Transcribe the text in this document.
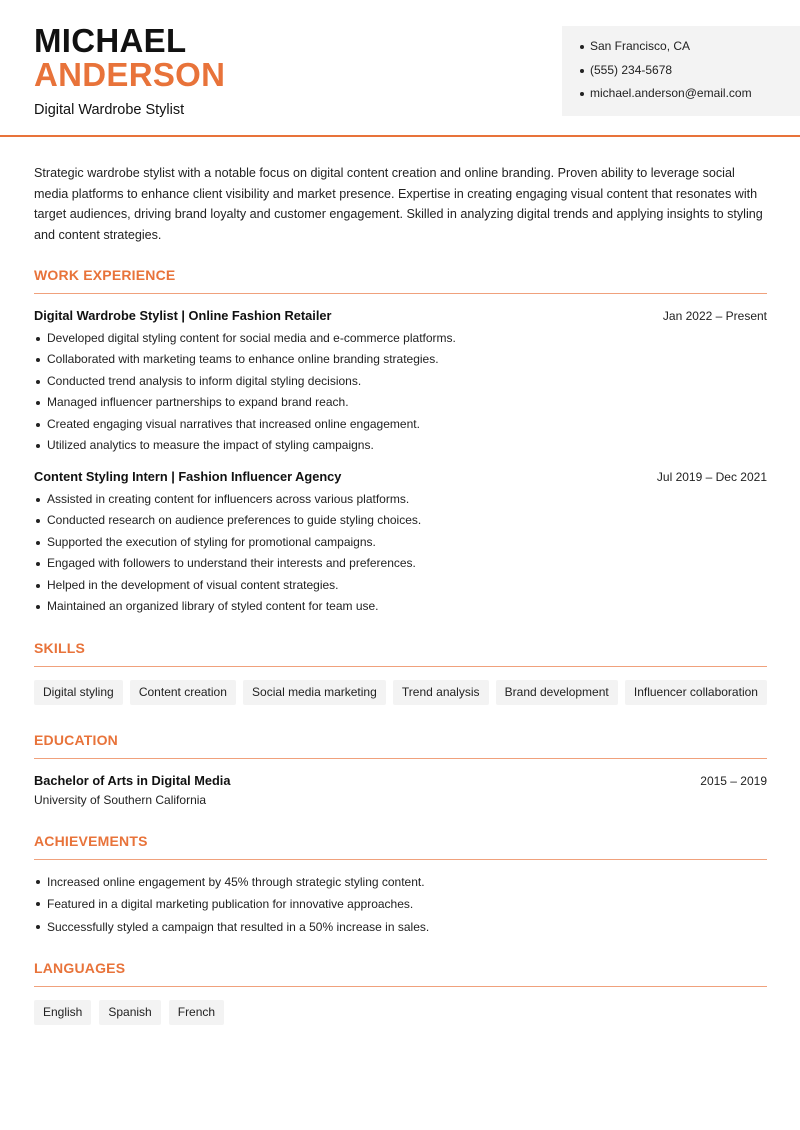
MICHAEL
ANDERSON
Digital Wardrobe Stylist
San Francisco, CA
(555) 234-5678
michael.anderson@email.com

Strategic wardrobe stylist with a notable focus on digital content creation and online branding. Proven ability to leverage social media platforms to enhance client visibility and market presence. Expertise in creating engaging visual content that resonates with target audiences, driving brand loyalty and customer engagement. Skilled in analyzing digital trends and applying insights to styling and content strategies.

WORK EXPERIENCE
Digital Wardrobe Stylist | Online Fashion Retailer	Jan 2022 – Present
Developed digital styling content for social media and e-commerce platforms.
Collaborated with marketing teams to enhance online branding strategies.
Conducted trend analysis to inform digital styling decisions.
Managed influencer partnerships to expand brand reach.
Created engaging visual narratives that increased online engagement.
Utilized analytics to measure the impact of styling campaigns.
Content Styling Intern | Fashion Influencer Agency	Jul 2019 – Dec 2021
Assisted in creating content for influencers across various platforms.
Conducted research on audience preferences to guide styling choices.
Supported the execution of styling for promotional campaigns.
Engaged with followers to understand their interests and preferences.
Helped in the development of visual content strategies.
Maintained an organized library of styled content for team use.
SKILLS
Digital styling	Content creation	Social media marketing	Trend analysis	Brand development	Influencer collaboration
EDUCATION
Bachelor of Arts in Digital Media	2015 – 2019
University of Southern California
ACHIEVEMENTS
Increased online engagement by 45% through strategic styling content.
Featured in a digital marketing publication for innovative approaches.
Successfully styled a campaign that resulted in a 50% increase in sales.
LANGUAGES
English	Spanish	French
